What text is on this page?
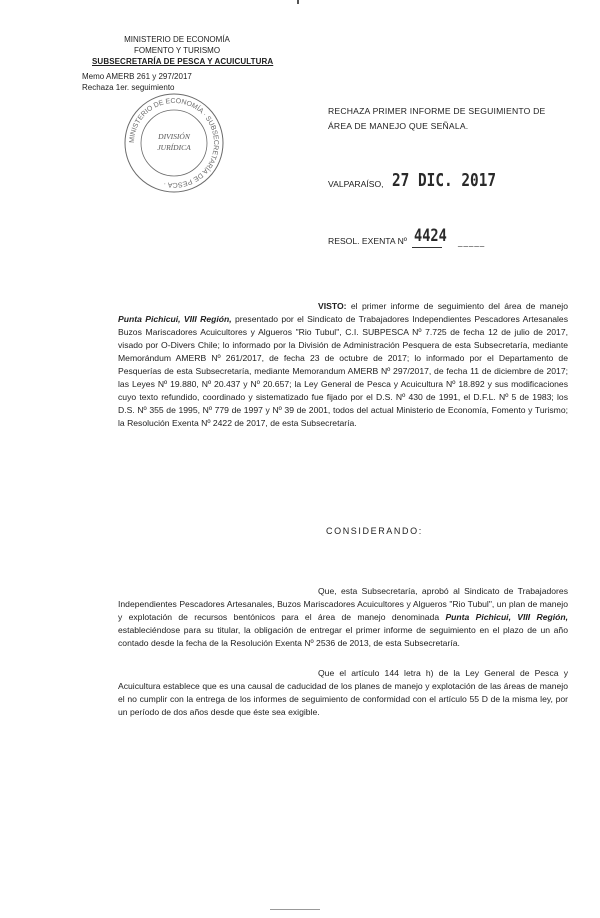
MINISTERIO DE ECONOMÍA
FOMENTO Y TURISMO
SUBSECRETARÍA DE PESCA Y ACUICULTURA
Memo AMERB 261 y 297/2017
Rechaza 1er. seguimiento
MINISTERIO DE ECONOMÍA · SUBSECRETARÍA DE PESCA ·
DIVISIÓN
JURÍDICA
RECHAZA PRIMER INFORME DE SEGUIMIENTO DE ÁREA DE MANEJO QUE SEÑALA.
VALPARAÍSO, 27 DIC. 2017
RESOL. EXENTA Nº 4424 _____
VISTO: el primer informe de seguimiento del área de manejo Punta Pichicui, VIII Región, presentado por el Sindicato de Trabajadores Independientes Pescadores Artesanales Buzos Mariscadores Acuicultores y Algueros "Rio Tubul", C.I. SUBPESCA Nº 7.725 de fecha 12 de julio de 2017, visado por O-Divers Chile; lo informado por la División de Administración Pesquera de esta Subsecretaría, mediante Memorándum AMERB Nº 261/2017, de fecha 23 de octubre de 2017; lo informado por el Departamento de Pesquerías de esta Subsecretaría, mediante Memorandum AMERB Nº 297/2017, de fecha 11 de diciembre de 2017; las Leyes Nº 19.880, Nº 20.437 y Nº 20.657; la Ley General de Pesca y Acuicultura Nº 18.892 y sus modificaciones cuyo texto refundido, coordinado y sistematizado fue fijado por el D.S. Nº 430 de 1991, el D.F.L. Nº 5 de 1983; los D.S. Nº 355 de 1995, Nº 779 de 1997 y Nº 39 de 2001, todos del actual Ministerio de Economía, Fomento y Turismo; la Resolución Exenta Nº 2422 de 2017, de esta Subsecretaría.
CONSIDERANDO:
Que, esta Subsecretaría, aprobó al Sindicato de Trabajadores Independientes Pescadores Artesanales, Buzos Mariscadores Acuicultores y Algueros "Rio Tubul", un plan de manejo y explotación de recursos bentónicos para el área de manejo denominada Punta Pichicui, VIII Región, estableciéndose para su titular, la obligación de entregar el primer informe de seguimiento en el plazo de un año contado desde la fecha de la Resolución Exenta Nº 2536 de 2013, de esta Subsecretaría.
Que el artículo 144 letra h) de la Ley General de Pesca y Acuicultura establece que es una causal de caducidad de los planes de manejo y explotación de las áreas de manejo el no cumplir con la entrega de los informes de seguimiento de conformidad con el artículo 55 D de la misma ley, por un período de dos años desde que éste sea exigible.
